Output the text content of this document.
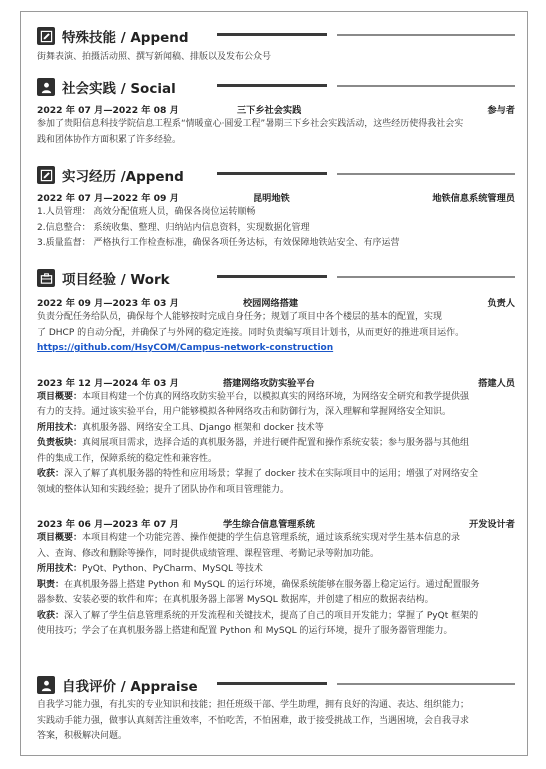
特殊技能 / Append
街舞表演、拍摄活动照、撰写新闻稿、排版以及发布公众号
社会实践 / Social
2022 年 07 月—2022 年 08 月	三下乡社会实践	参与者
参加了贵阳信息科技学院信息工程系“情暖童心·圆爱工程”暑期三下乡社会实践活动，这些经历使得我社会实
践和团体协作方面积累了许多经验。
实习经历 /Append
2022 年 07 月—2022 年 09 月	昆明地铁	地铁信息系统管理员
1.人员管理： 高效分配值班人员，确保各岗位运转顺畅
2.信息整合： 系统收集、整理、归纳站内信息资料，实现数据化管理
3.质量监督： 严格执行工作检查标准，确保各项任务达标，有效保障地铁站安全、有序运营
项目经验 / Work
2022 年 09 月—2023 年 03 月	校园网络搭建	负责人
负责分配任务给队员，确保每个人能够按时完成自身任务；规划了项目中各个楼层的基本的配置，实现
了 DHCP 的自动分配，并确保了与外网的稳定连接。同时负责编写项目计划书，从而更好的推进项目运作。
https://github.com/HsyCOM/Campus-network-construction
2023 年 12 月—2024 年 03 月	搭建网络攻防实验平台	搭建人员
项目概要：本项目构建一个仿真的网络攻防实验平台，以模拟真实的网络环境，为网络安全研究和教学提供强
有力的支持。通过该实验平台，用户能够模拟各种网络攻击和防御行为，深入理解和掌握网络安全知识。
所用技术：真机服务器、网络安全工具、Django 框架和 docker 技术等
负责板块：真阅展项目需求，选择合适的真机服务器，并进行硬件配置和操作系统安装；参与服务器与其他组
件的集成工作，保障系统的稳定性和兼容性。
收获：深入了解了真机服务器的特性和应用场景；掌握了 docker 技术在实际项目中的运用；增强了对网络安全
领域的整体认知和实践经验；提升了团队协作和项目管理能力。
2023 年 06 月—2023 年 07 月	学生综合信息管理系统	开发设计者
项目概要：本项目构建一个功能完善、操作便捷的学生信息管理系统，通过该系统实现对学生基本信息的录
入、查询、修改和删除等操作，同时提供成绩管理、课程管理、考勤记录等附加功能。
所用技术：PyQt、Python、PyCharm、MySQL 等技术
职责：在真机服务器上搭建 Python 和 MySQL 的运行环境，确保系统能够在服务器上稳定运行。通过配置服务
器参数、安装必要的软件和库；在真机服务器上部署 MySQL 数据库，并创建了相应的数据表结构。
收获：深入了解了学生信息管理系统的开发流程和关键技术，提高了自己的项目开发能力；掌握了 PyQt 框架的
使用技巧；学会了在真机服务器上搭建和配置 Python 和 MySQL 的运行环境，提升了服务器管理能力。
自我评价 / Appraise
自我学习能力强，有扎实的专业知识和技能；担任班级干部、学生助理，拥有良好的沟通、表达、组织能力；
实践动手能力强，做事认真刻苦注重效率，不怕吃苦，不怕困难，敢于接受挑战工作，当遇困境，会自我寻求
答案，积极解决问题。
